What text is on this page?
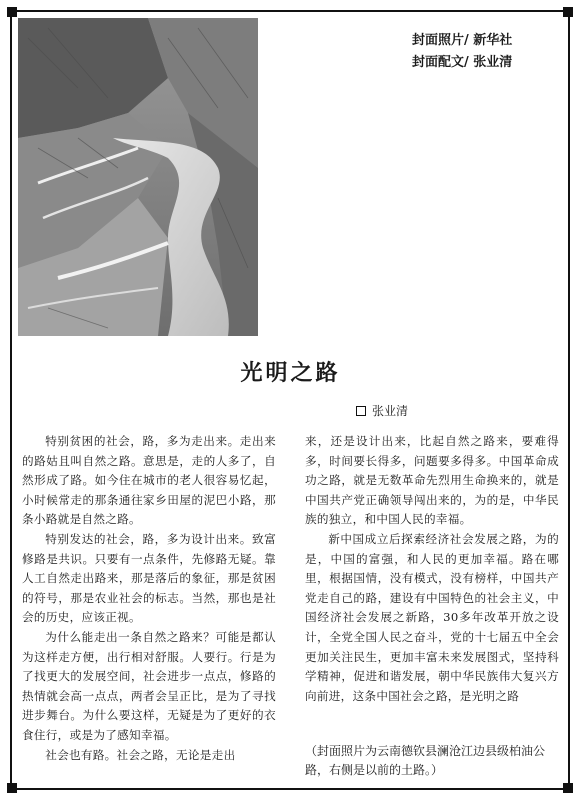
封面照片/ 新华社
封面配文/ 张业清
光明之路
张业清

特别贫困的社会，路，多为走出来。走出来的路姑且叫自然之路。意思是，走的人多了，自然形成了路。如今住在城市的老人很容易忆起，小时候常走的那条通往家乡田屋的泥巴小路，那条小路就是自然之路。

特别发达的社会，路，多为设计出来。致富修路是共识。只要有一点条件，先修路无疑。靠人工自然走出路来，那是落后的象征，那是贫困的符号，那是农业社会的标志。当然，那也是社会的历史，应该正视。

为什么能走出一条自然之路来？可能是都认为这样走方便，出行相对舒服。人要行。行是为了找更大的发展空间，社会进步一点点，修路的热情就会高一点点，两者会呈正比，是为了寻找进步舞台。为什么要这样，无疑是为了更好的衣食住行，或是为了感知幸福。

社会也有路。社会之路，无论是走出

来，还是设计出来，比起自然之路来，要难得多，时间要长得多，问题要多得多。中国革命成功之路，就是无数革命先烈用生命换来的，就是中国共产党正确领导闯出来的，为的是，中华民族的独立，和中国人民的幸福。

新中国成立后探索经济社会发展之路，为的是，中国的富强，和人民的更加幸福。路在哪里，根据国情，没有模式，没有榜样，中国共产党走自己的路，建设有中国特色的社会主义，中国经济社会发展之新路，30多年改革开放之设计，全党全国人民之奋斗，党的十七届五中全会更加关注民生，更加丰富未来发展图式，坚持科学精神，促进和谐发展，朝中华民族伟大复兴方向前进，这条中国社会之路，是光明之路

（封面照片为云南德钦县澜沧江边县级柏油公路，右侧是以前的土路。）
